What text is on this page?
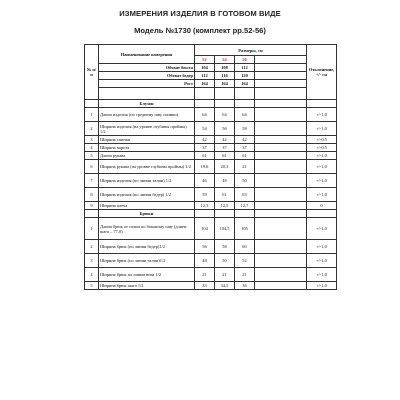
ИЗМЕРЕНИЯ ИЗДЕЛИЯ В ГОТОВОМ ВИДЕ
Модель №1730 (комплект рр.52-56)
№ п/п	Наименование измерения	Размеры, см				Отклонение, +/- см
		52	54	56		
	Обхват бюста	104	108	112		
	Обхват бедер	112	116	120		
	Рост	164	164	164		

	Блузон					
1	Длина изделия (по среднему шву спинки)	64	64	64		+/-1,0
2	Ширина изделия (на уровне глубины проймы) 1/2	54	56	58		+/-1,0
3	Ширина спинки	42	42	42		+/-0,5
4	Ширина ворота	37	37	37		+/-0,5
5	Длина рукава	61	61	61		+/-1,0
6	Ширина рукава (на уровне глубины проймы) 1/2	19,6	20,3	21		+/-1,0
7	Ширина изделия (по линии талии) 1/2	46	48	50		+/-1,0
8	Ширина изделия (по линии бедер) 1/2	59	61	63		+/-1,0
9	Ширина плеча	12,5	12,5	12,7		0
	Брюки					
1	Длина брюк от талии по боковому шву (длина шага – 77,0)	104	104,5	105		+/-1,0
2	Ширина брюк (по линии бедер)1/2	56	58	60		+/-1,0
3	Ширина брюк (по линии талии)1/2	48	50	52		+/-1,0
4	Ширина брюк по линии низа 1/2	21	21	21		+/-1,0
5	Ширина брюк шага 1/2	33	34,5	36		+/-1,0
